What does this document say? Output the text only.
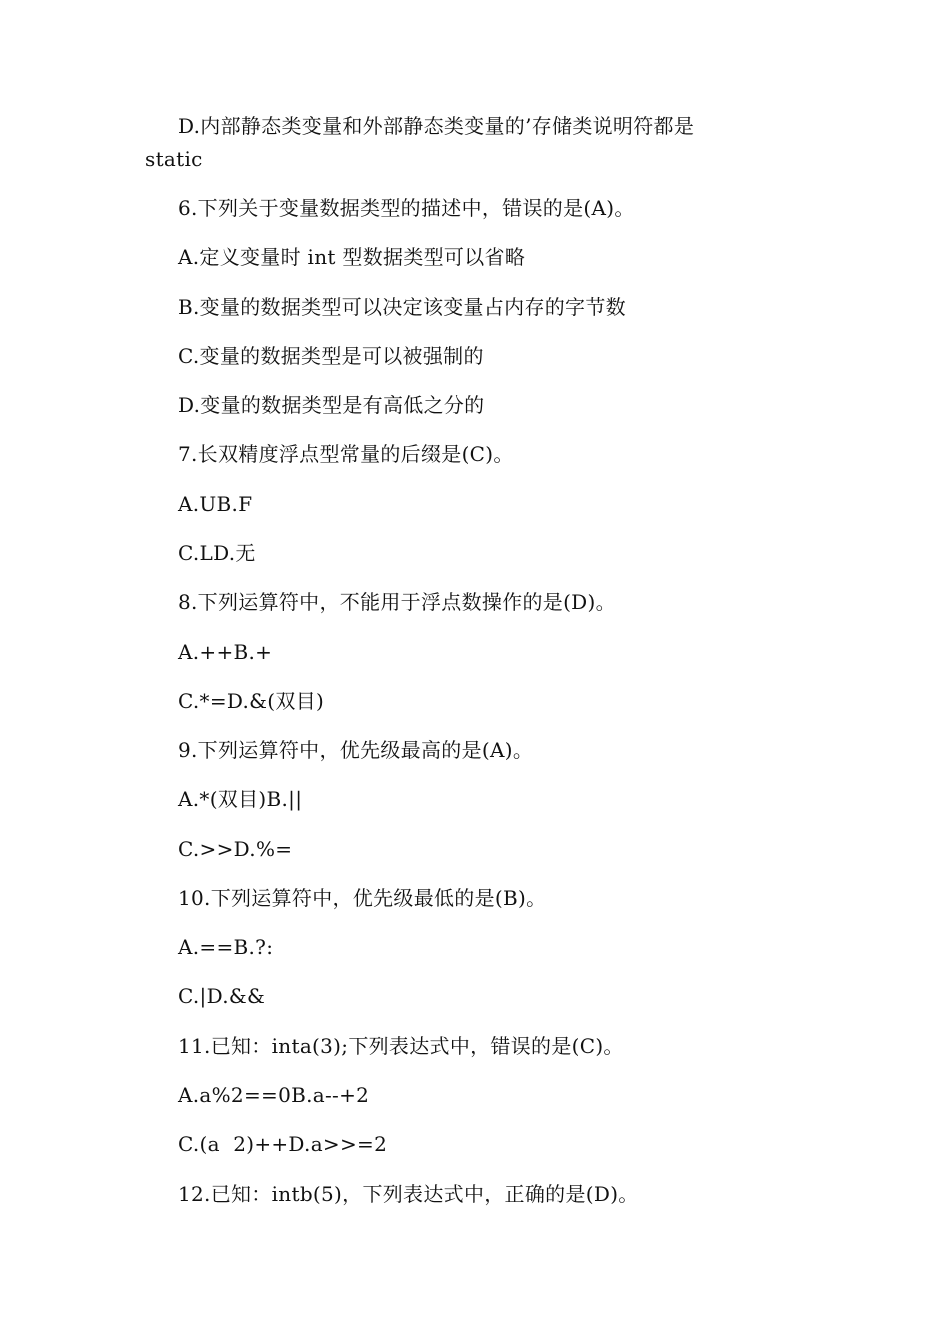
D.内部静态类变量和外部静态类变量的’存储类说明符都是
static
6.下列关于变量数据类型的描述中，错误的是(A)。
A.定义变量时 int 型数据类型可以省略
B.变量的数据类型可以决定该变量占内存的字节数
C.变量的数据类型是可以被强制的
D.变量的数据类型是有高低之分的
7.长双精度浮点型常量的后缀是(C)。
A.UB.F
C.LD.无
8.下列运算符中，不能用于浮点数操作的是(D)。
A.++B.+
C.*=D.&(双目)
9.下列运算符中，优先级最高的是(A)。
A.*(双目)B.||
C.>>D.%=
10.下列运算符中，优先级最低的是(B)。
A.==B.?:
C.|D.&&
11.已知：inta(3);下列表达式中，错误的是(C)。
A.a%2==0B.a--+2
C.(a  2)++D.a>>=2
12.已知：intb(5)，下列表达式中，正确的是(D)。
